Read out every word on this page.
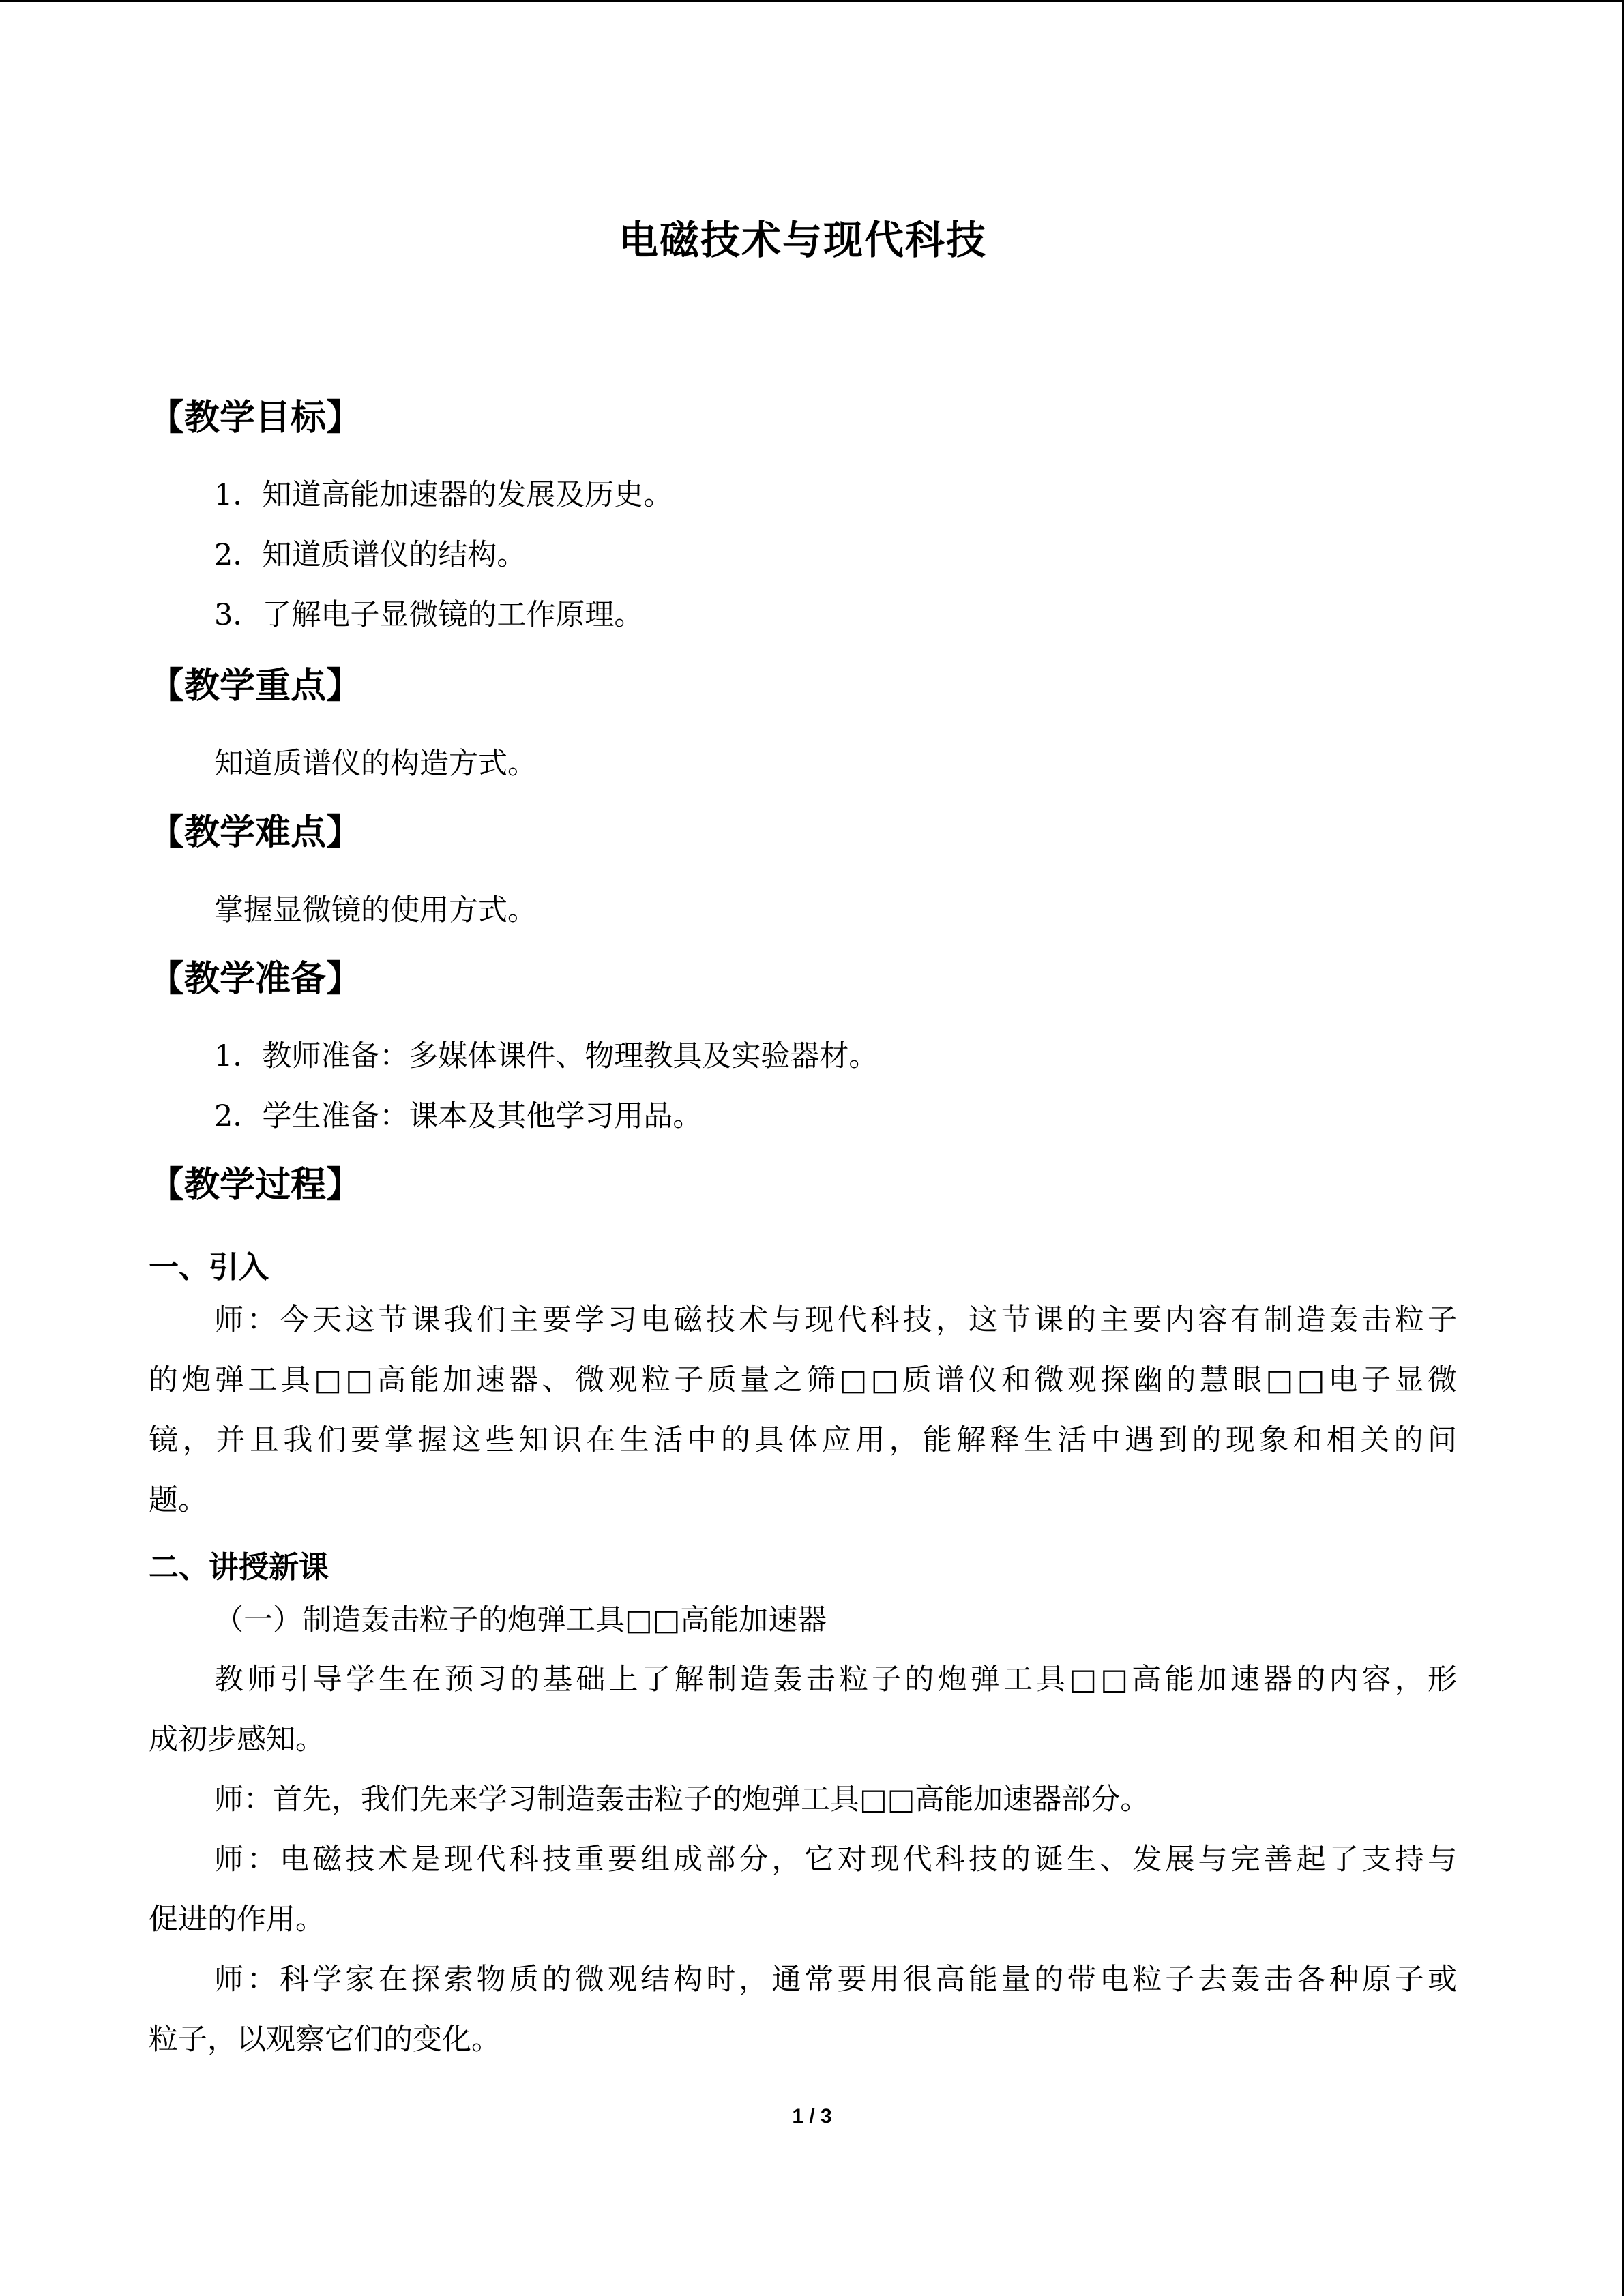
电磁技术与现代科技
【教学目标】

1．知道高能加速器的发展及历史。

2．知道质谱仪的结构。

3．了解电子显微镜的工作原理。

【教学重点】

知道质谱仪的构造方式。

【教学难点】

掌握显微镜的使用方式。

【教学准备】

1．教师准备：多媒体课件、物理教具及实验器材。

2．学生准备：课本及其他学习用品。

【教学过程】
一、引入

师：今天这节课我们主要学习电磁技术与现代科技，这节课的主要内容有制造轰击粒子

的炮弹工具□□高能加速器、微观粒子质量之筛□□质谱仪和微观探幽的慧眼□□电子显微

镜，并且我们要掌握这些知识在生活中的具体应用，能解释生活中遇到的现象和相关的问

题。

二、讲授新课

（一）制造轰击粒子的炮弹工具□□高能加速器

教师引导学生在预习的基础上了解制造轰击粒子的炮弹工具□□高能加速器的内容，形

成初步感知。

师：首先，我们先来学习制造轰击粒子的炮弹工具□□高能加速器部分。

师：电磁技术是现代科技重要组成部分，它对现代科技的诞生、发展与完善起了支持与

促进的作用。

师：科学家在探索物质的微观结构时，通常要用很高能量的带电粒子去轰击各种原子或

粒子，以观察它们的变化。

1 / 3
